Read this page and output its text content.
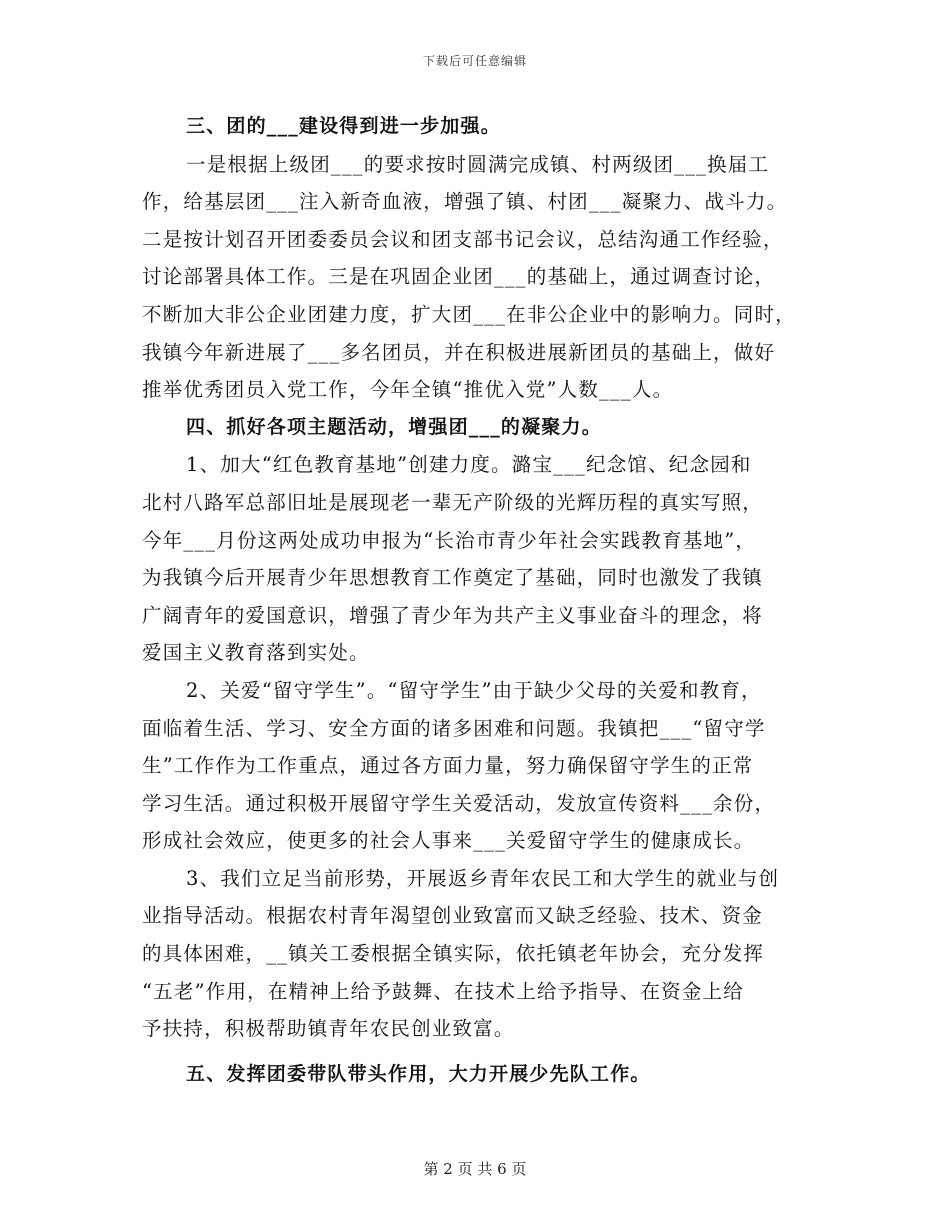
下载后可任意编辑
三、团的___建设得到进一步加强。
一是根据上级团___的要求按时圆满完成镇、村两级团___换届工
作，给基层团___注入新奇血液，增强了镇、村团___凝聚力、战斗力。
二是按计划召开团委委员会议和团支部书记会议，总结沟通工作经验，
讨论部署具体工作。三是在巩固企业团___的基础上，通过调查讨论，
不断加大非公企业团建力度，扩大团___在非公企业中的影响力。同时，
我镇今年新进展了___多名团员，并在积极进展新团员的基础上，做好
推举优秀团员入党工作，今年全镇“推优入党”人数___人。
四、抓好各项主题活动，增强团___的凝聚力。
1、加大“红色教育基地”创建力度。潞宝___纪念馆、纪念园和
北村八路军总部旧址是展现老一辈无产阶级的光辉历程的真实写照，
今年___月份这两处成功申报为“长治市青少年社会实践教育基地”，
为我镇今后开展青少年思想教育工作奠定了基础，同时也激发了我镇
广阔青年的爱国意识，增强了青少年为共产主义事业奋斗的理念，将
爱国主义教育落到实处。
2、关爱“留守学生”。“留守学生”由于缺少父母的关爱和教育，
面临着生活、学习、安全方面的诸多困难和问题。我镇把___“留守学
生”工作作为工作重点，通过各方面力量，努力确保留守学生的正常
学习生活。通过积极开展留守学生关爱活动，发放宣传资料___余份，
形成社会效应，使更多的社会人事来___关爱留守学生的健康成长。
3、我们立足当前形势，开展返乡青年农民工和大学生的就业与创
业指导活动。根据农村青年渴望创业致富而又缺乏经验、技术、资金
的具体困难，__镇关工委根据全镇实际，依托镇老年协会，充分发挥
“五老”作用，在精神上给予鼓舞、在技术上给予指导、在资金上给
予扶持，积极帮助镇青年农民创业致富。
五、发挥团委带队带头作用，大力开展少先队工作。
第 2 页 共 6 页
